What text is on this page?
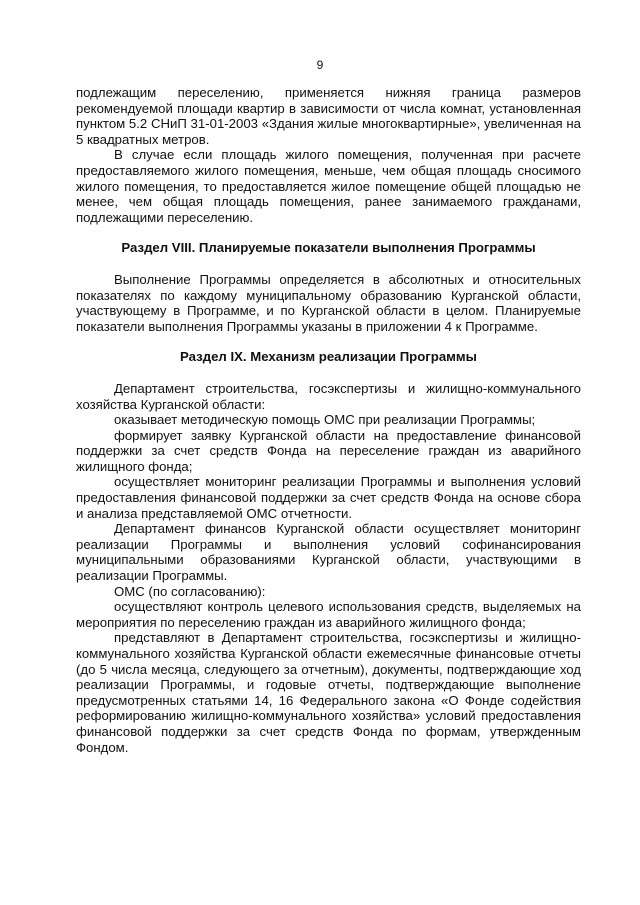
9

подлежащим переселению, применяется нижняя граница размеров рекомендуемой площади квартир в зависимости от числа комнат, установленная пунктом 5.2 СНиП 31-01-2003 «Здания жилые многоквартирные», увеличенная на 5 квадратных метров.

В случае если площадь жилого помещения, полученная при расчете предоставляемого жилого помещения, меньше, чем общая площадь сносимого жилого помещения, то предоставляется жилое помещение общей площадью не менее, чем общая площадь помещения, ранее занимаемого гражданами, подлежащими переселению.

Раздел VIII. Планируемые показатели выполнения Программы

Выполнение Программы определяется в абсолютных и относительных показателях по каждому муниципальному образованию Курганской области, участвующему в Программе, и по Курганской области в целом. Планируемые показатели выполнения Программы указаны в приложении 4 к Программе.

Раздел IX. Механизм реализации Программы

Департамент строительства, госэкспертизы и жилищно-коммунального хозяйства Курганской области:

оказывает методическую помощь ОМС при реализации Программы;

формирует заявку Курганской области на предоставление финансовой поддержки за счет средств Фонда на переселение граждан из аварийного жилищного фонда;

осуществляет мониторинг реализации Программы и выполнения условий предоставления финансовой поддержки за счет средств Фонда на основе сбора и анализа представляемой ОМС отчетности.

Департамент финансов Курганской области осуществляет мониторинг реализации Программы и выполнения условий софинансирования муниципальными образованиями Курганской области, участвующими в реализации Программы.

ОМС (по согласованию):

осуществляют контроль целевого использования средств, выделяемых на мероприятия по переселению граждан из аварийного жилищного фонда;

представляют в Департамент строительства, госэкспертизы и жилищно-коммунального хозяйства Курганской области ежемесячные финансовые отчеты (до 5 числа месяца, следующего за отчетным), документы, подтверждающие ход реализации Программы, и годовые отчеты, подтверждающие выполнение предусмотренных статьями 14, 16 Федерального закона «О Фонде содействия реформированию жилищно-коммунального хозяйства» условий предоставления финансовой поддержки за счет средств Фонда по формам, утвержденным Фондом.
